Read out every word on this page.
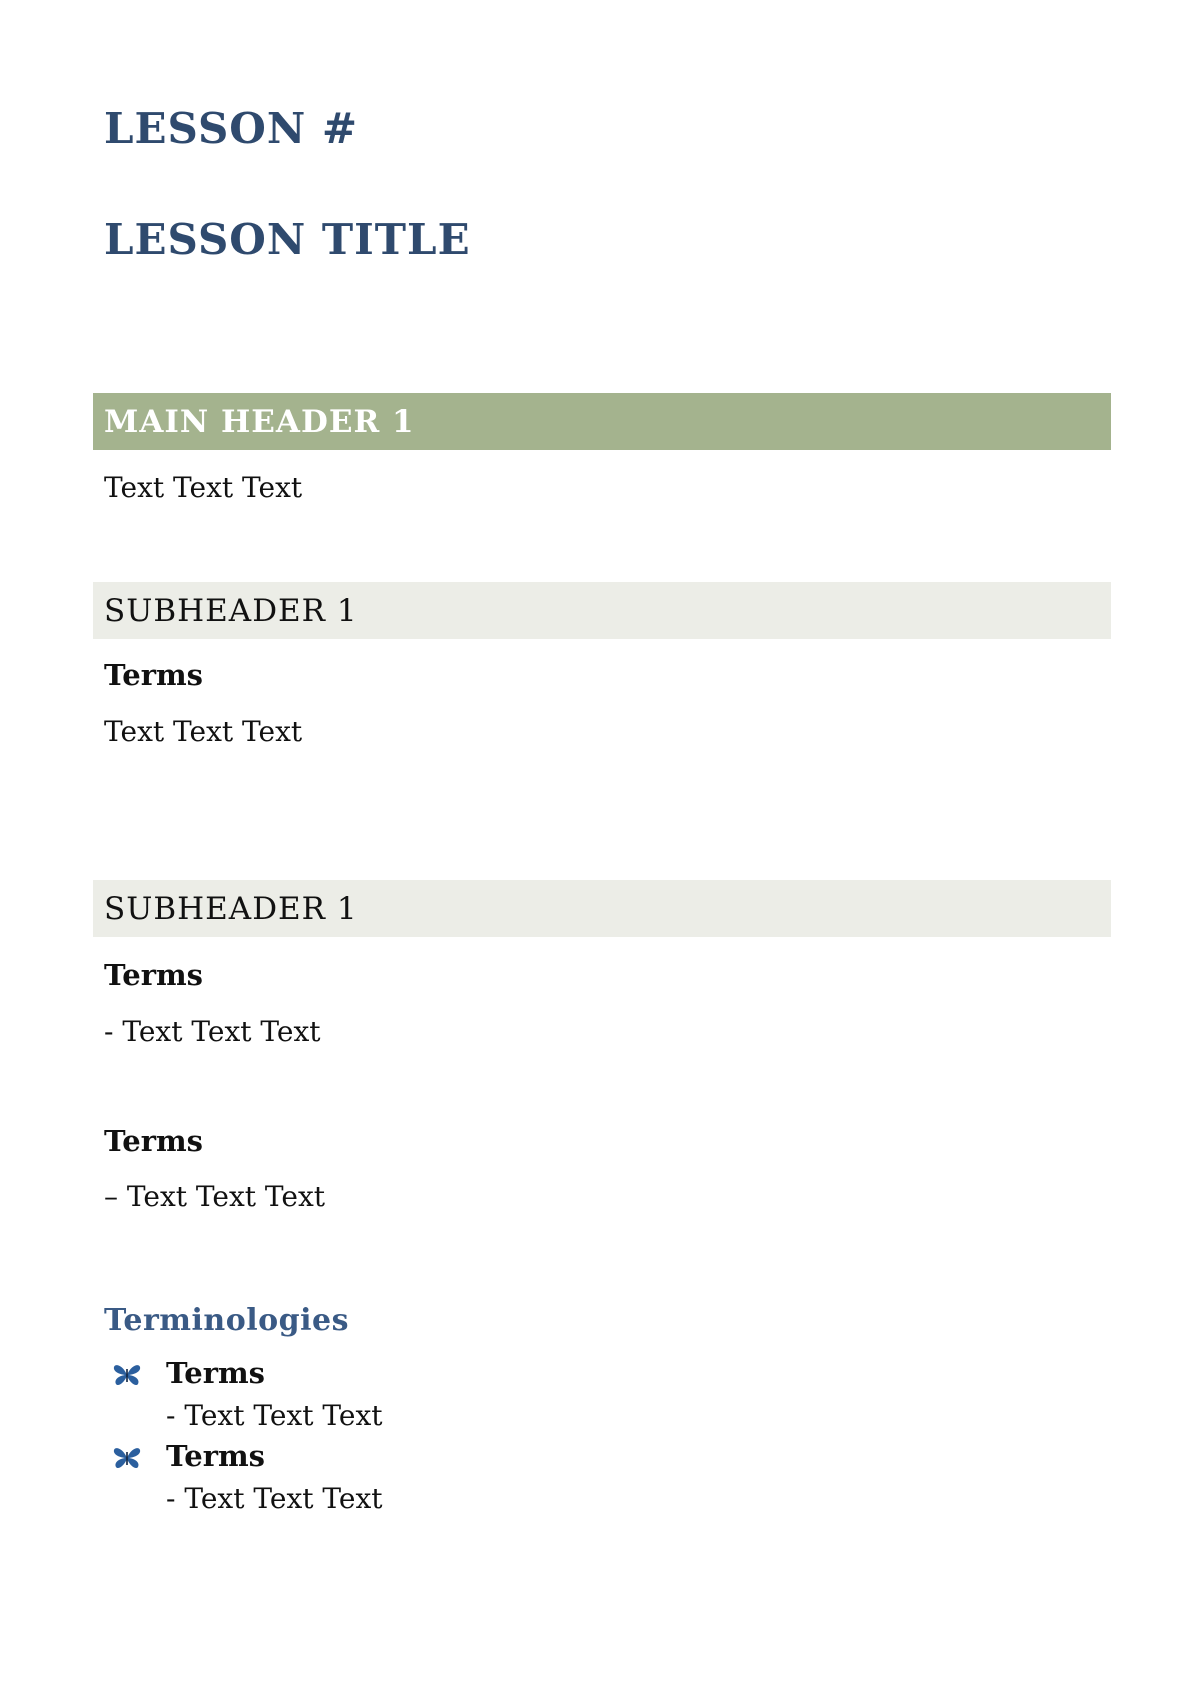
LESSON #
LESSON TITLE
MAIN HEADER 1

Text Text Text

SUBHEADER 1

Terms

Text Text Text

SUBHEADER 1

Terms

- Text Text Text

Terms

– Text Text Text

Terminologies
Terms
- Text Text Text
Terms
- Text Text Text
